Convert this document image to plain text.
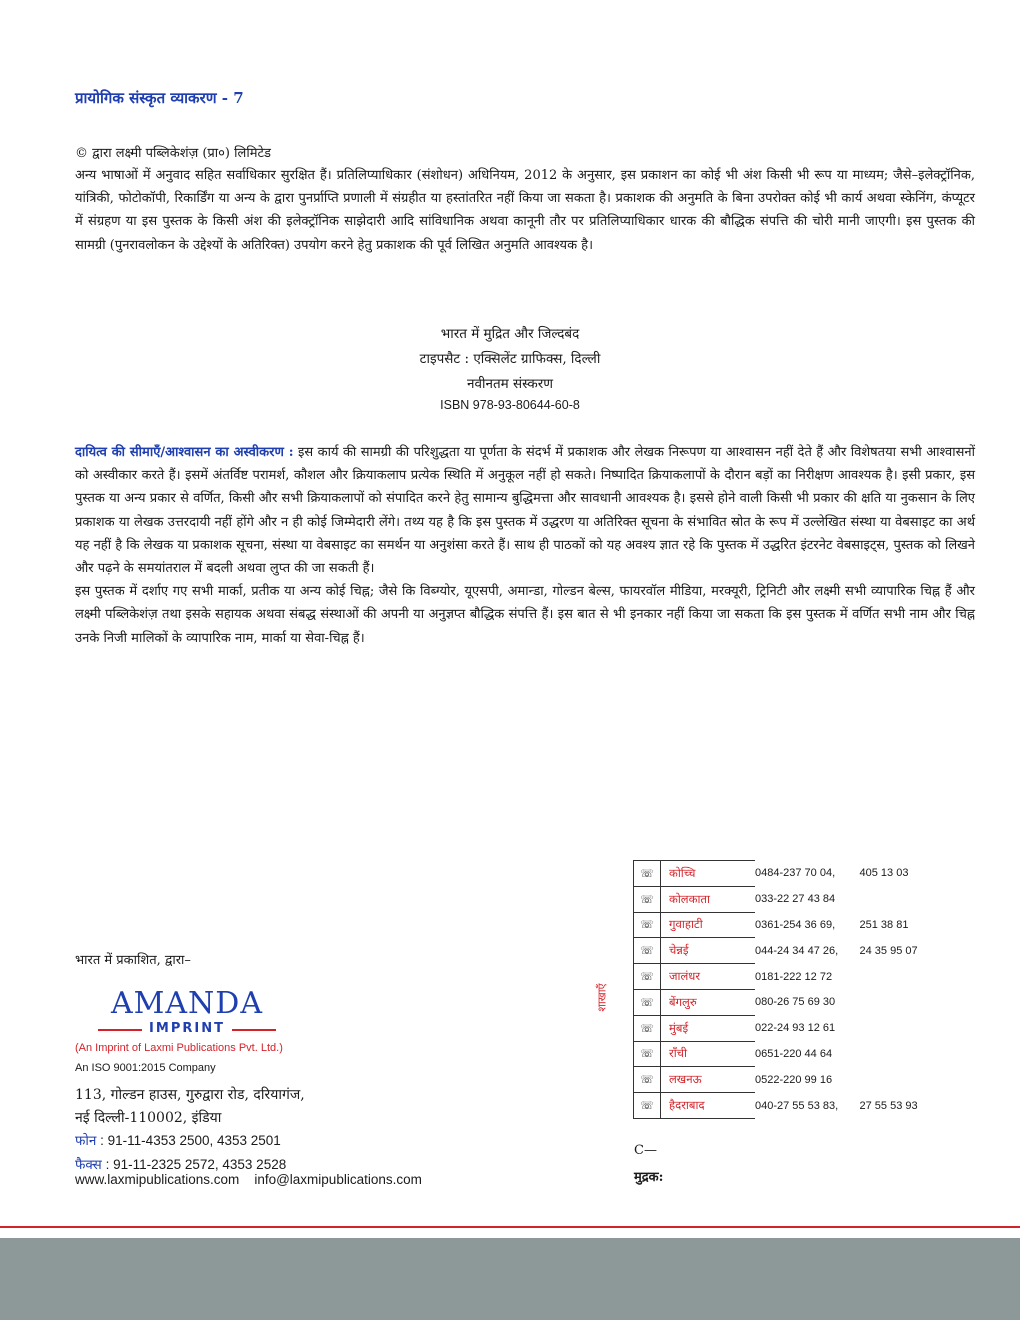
प्रायोगिक संस्कृत व्याकरण - 7
© द्वारा लक्ष्मी पब्लिकेशंज़ (प्रा०) लिमिटेड
अन्य भाषाओं में अनुवाद सहित सर्वाधिकार सुरक्षित हैं। प्रतिलिप्याधिकार (संशोधन) अधिनियम, 2012 के अनुसार, इस प्रकाशन का कोई भी अंश किसी भी रूप या माध्यम; जैसे–इलेक्ट्रॉनिक, यांत्रिकी, फोटोकॉपी, रिकार्डिंग या अन्य के द्वारा पुनर्प्राप्ति प्रणाली में संग्रहीत या हस्तांतरित नहीं किया जा सकता है। प्रकाशक की अनुमति के बिना उपरोक्त कोई भी कार्य अथवा स्केनिंग, कंप्यूटर में संग्रहण या इस पुस्तक के किसी अंश की इलेक्ट्रॉनिक साझेदारी आदि सांविधानिक अथवा कानूनी तौर पर प्रतिलिप्याधिकार धारक की बौद्धिक संपत्ति की चोरी मानी जाएगी। इस पुस्तक की सामग्री (पुनरावलोकन के उद्देश्यों के अतिरिक्त) उपयोग करने हेतु प्रकाशक की पूर्व लिखित अनुमति आवश्यक है।
भारत में मुद्रित और जिल्दबंद
टाइपसैट : एक्सिलेंट ग्राफिक्स, दिल्ली
नवीनतम संस्करण
ISBN 978-93-80644-60-8
दायित्व की सीमाएँ/आश्वासन का अस्वीकरण : इस कार्य की सामग्री की परिशुद्धता या पूर्णता के संदर्भ में प्रकाशक और लेखक निरूपण या आश्वासन नहीं देते हैं और विशेषतया सभी आश्वासनों को अस्वीकार करते हैं। इसमें अंतर्विष्ट परामर्श, कौशल और क्रियाकलाप प्रत्येक स्थिति में अनुकूल नहीं हो सकते। निष्पादित क्रियाकलापों के दौरान बड़ों का निरीक्षण आवश्यक है। इसी प्रकार, इस पुस्तक या अन्य प्रकार से वर्णित, किसी और सभी क्रियाकलापों को संपादित करने हेतु सामान्य बुद्धिमत्ता और सावधानी आवश्यक है। इससे होने वाली किसी भी प्रकार की क्षति या नुकसान के लिए प्रकाशक या लेखक उत्तरदायी नहीं होंगे और न ही कोई जिम्मेदारी लेंगे। तथ्य यह है कि इस पुस्तक में उद्धरण या अतिरिक्त सूचना के संभावित स्रोत के रूप में उल्लेखित संस्था या वेबसाइट का अर्थ यह नहीं है कि लेखक या प्रकाशक सूचना, संस्था या वेबसाइट का समर्थन या अनुशंसा करते हैं। साथ ही पाठकों को यह अवश्य ज्ञात रहे कि पुस्तक में उद्धरित इंटरनेट वेबसाइट्स, पुस्तक को लिखने और पढ़ने के समयांतराल में बदली अथवा लुप्त की जा सकती हैं।
इस पुस्तक में दर्शाए गए सभी मार्का, प्रतीक या अन्य कोई चिह्न; जैसे कि विब्ग्योर, यूएसपी, अमान्डा, गोल्डन बेल्स, फायरवॉल मीडिया, मरक्यूरी, ट्रिनिटी और लक्ष्मी सभी व्यापारिक चिह्न हैं और लक्ष्मी पब्लिकेशंज़ तथा इसके सहायक अथवा संबद्ध संस्थाओं की अपनी या अनुज्ञप्त बौद्धिक संपत्ति हैं। इस बात से भी इनकार नहीं किया जा सकता कि इस पुस्तक में वर्णित सभी नाम और चिह्न उनके निजी मालिकों के व्यापारिक नाम, मार्का या सेवा-चिह्न हैं।
भारत में प्रकाशित, द्वारा–
AMANDA
IMPRINT
(An Imprint of Laxmi Publications Pvt. Ltd.)
An ISO 9001:2015 Company
113, गोल्डन हाउस, गुरुद्वारा रोड, दरियागंज,
नई दिल्ली-110002, इंडिया
फोन : 91-11-4353 2500, 4353 2501
फैक्स : 91-11-2325 2572, 4353 2528
www.laxmipublications.com info@laxmipublications.com
शाखाएँ
☏	कोच्चि	0484-237 70 04,	405 13 03
☏	कोलकाता	033-22 27 43 84	
☏	गुवाहाटी	0361-254 36 69,	251 38 81
☏	चेन्नई	044-24 34 47 26,	24 35 95 07
☏	जालंधर	0181-222 12 72	
☏	बेंगलुरु	080-26 75 69 30	
☏	मुंबई	022-24 93 12 61	
☏	राँची	0651-220 44 64	
☏	लखनऊ	0522-220 99 16	
☏	हैदराबाद	040-27 55 53 83,	27 55 53 93
C—
मुद्रक:
